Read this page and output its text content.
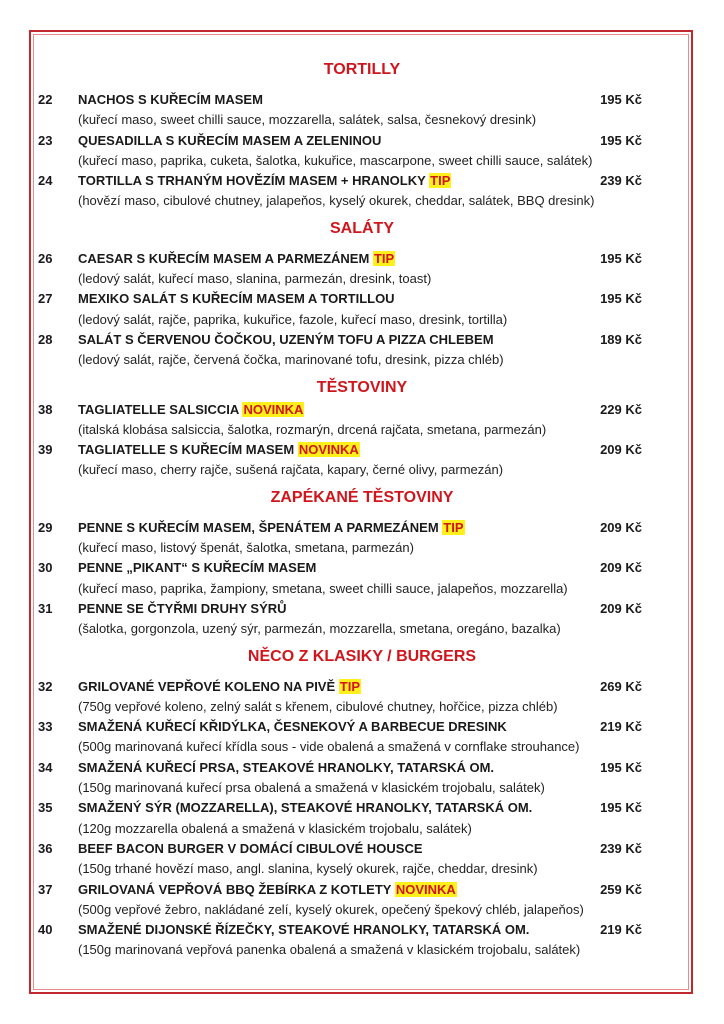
TORTILLY
22 NACHOS S KUŘECÍM MASEM	195 Kč
(kuřecí maso, sweet chilli sauce, mozzarella, salátek, salsa, česnekový dresink)
23 QUESADILLA S KUŘECÍM MASEM A ZELENINOU	195 Kč
(kuřecí maso, paprika, cuketa, šalotka, kukuřice, mascarpone, sweet chilli sauce, salátek)
24 TORTILLA S TRHANÝM HOVĚZÍM MASEM + HRANOLKY TIP	239 Kč
(hovězí maso, cibulové chutney, jalapeňos, kyselý okurek, cheddar, salátek, BBQ dresink)
SALÁTY
26 CAESAR S KUŘECÍM MASEM A PARMEZÁNEM TIP	195 Kč
(ledový salát, kuřecí maso, slanina, parmezán, dresink, toast)
27 MEXIKO SALÁT S KUŘECÍM MASEM A TORTILLOU	195 Kč
(ledový salát, rajče, paprika, kukuřice, fazole, kuřecí maso, dresink, tortilla)
28 SALÁT S ČERVENOU ČOČKOU, UZENÝM TOFU A PIZZA CHLEBEM	189 Kč
(ledový salát, rajče, červená čočka, marinované tofu, dresink, pizza chléb)
TĚSTOVINY
38 TAGLIATELLE SALSICCIA NOVINKA	229 Kč
(italská klobása salsiccia, šalotka, rozmarýn, drcená rajčata, smetana, parmezán)
39 TAGLIATELLE S KUŘECÍM MASEM NOVINKA	209 Kč
(kuřecí maso, cherry rajče, sušená rajčata, kapary, černé olivy, parmezán)
ZAPÉKANÉ TĚSTOVINY
29 PENNE S KUŘECÍM MASEM, ŠPENÁTEM A PARMEZÁNEM TIP	209 Kč
(kuřecí maso, listový špenát, šalotka, smetana, parmezán)
30 PENNE „PIKANT“ S KUŘECÍM MASEM	209 Kč
(kuřecí maso, paprika, žampiony, smetana, sweet chilli sauce, jalapeňos, mozzarella)
31 PENNE SE ČTYŘMI DRUHY SÝRŮ	209 Kč
(šalotka, gorgonzola, uzený sýr, parmezán, mozzarella, smetana, oregáno, bazalka)
NĚCO Z KLASIKY / BURGERS
32 GRILOVANÉ VEPŘOVÉ KOLENO NA PIVĚ TIP	269 Kč
(750g vepřové koleno, zelný salát s křenem, cibulové chutney, hořčice, pizza chléb)
33 SMAŽENÁ KUŘECÍ KŘIDÝLKA, ČESNEKOVÝ A BARBECUE DRESINK	219 Kč
(500g marinovaná kuřecí křídla sous - vide obalená a smažená v cornflake strouhance)
34 SMAŽENÁ KUŘECÍ PRSA, STEAKOVÉ HRANOLKY, TATARSKÁ OM.	195 Kč
(150g marinovaná kuřecí prsa obalená a smažená v klasickém trojobalu, salátek)
35 SMAŽENÝ SÝR (MOZZARELLA), STEAKOVÉ HRANOLKY, TATARSKÁ OM.	195 Kč
(120g mozzarella obalená a smažená v klasickém trojobalu, salátek)
36 BEEF BACON BURGER V DOMÁCÍ CIBULOVÉ HOUSCE	239 Kč
(150g trhané hovězí maso, angl. slanina, kyselý okurek, rajče, cheddar, dresink)
37 GRILOVANÁ VEPŘOVÁ BBQ ŽEBÍRKA Z KOTLETY NOVINKA	259 Kč
(500g vepřové žebro, nakládané zelí, kyselý okurek, opečený špekový chléb, jalapeňos)
40 SMAŽENÉ DIJONSKÉ ŘÍZEČKY, STEAKOVÉ HRANOLKY, TATARSKÁ OM.	219 Kč
(150g marinovaná vepřová panenka obalená a smažená v klasickém trojobalu, salátek)
